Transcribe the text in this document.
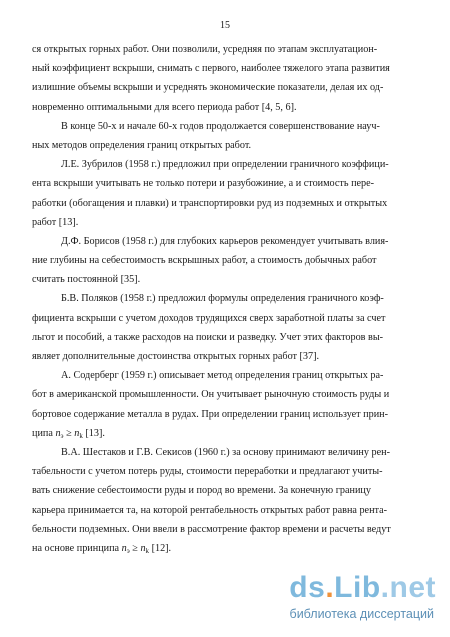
15
ся открытых горных работ. Они позволили, усредняя по этапам эксплуатацион-
ный коэффициент вскрыши, снимать с первого, наиболее тяжелого этапа развития
излишние объемы вскрыши и усреднять экономические показатели, делая их од-
новременно оптимальными для всего периода работ [4, 5, 6].
В конце 50-х и начале 60-х годов продолжается совершенствование науч-
ных методов определения границ открытых работ.
Л.Е. Зубрилов (1958 г.) предложил при определении граничного коэффици-
ента вскрыши учитывать не только потери и разубожиние, а и стоимость пере-
работки (обогащения и плавки) и транспортировки руд из подземных и открытых
работ [13].
Д.Ф. Борисов (1958 г.) для глубоких карьеров рекомендует учитывать влия-
ние глубины на себестоимость вскрышных работ, а стоимость добычных работ
считать постоянной [35].
Б.В. Поляков (1958 г.) предложил формулы определения граничного коэф-
фициента вскрыши с учетом доходов трудящихся сверх заработной платы за счет
льгот и пособий, а также расходов на поиски и разведку. Учет этих факторов вы-
являет дополнительные достоинства открытых горных работ [37].
А. Содерберг (1959 г.) описывает метод определения границ открытых ра-
бот в американской промышленности. Он учитывает рыночную стоимость руды и
бортовое содержание металла в рудах. При определении границ использует прин-
ципа $п_э \ge п_k$ [13].
В.А. Шестаков и Г.В. Секисов (1960 г.) за основу принимают величину рен-
табельности с учетом потерь руды, стоимости переработки и предлагают учиты-
вать снижение себестоимости руды и пород во времени. За конечную границу
карьера принимается та, на которой рентабельность открытых работ равна рента-
бельности подземных. Они ввели в рассмотрение фактор времени и расчеты ведут
на основе принципа $п_э \ge п_k$ [12].
ds.Lib.net
библиотека диссертаций
